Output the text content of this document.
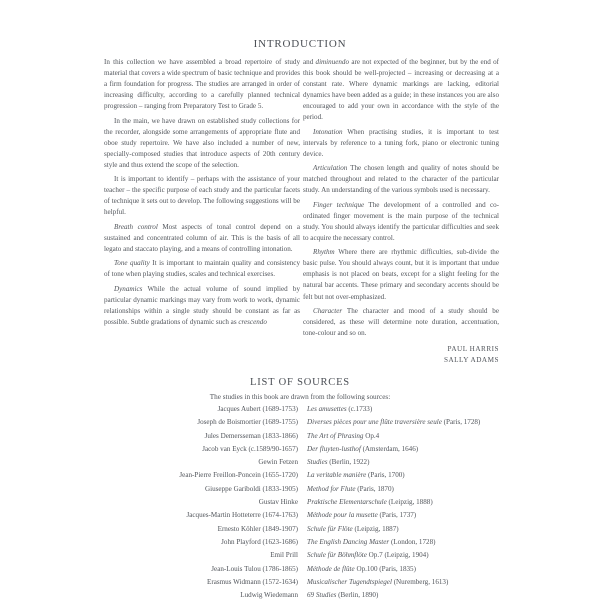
INTRODUCTION

In this collection we have assembled a broad repertoire of study material that covers a wide spectrum of basic technique and provides a firm foundation for progress. The studies are arranged in order of increasing difficulty, according to a carefully planned technical progression – ranging from Preparatory Test to Grade 5.

In the main, we have drawn on established study collections for the recorder, alongside some arrangements of appropriate flute and oboe study repertoire. We have also included a number of new, specially-composed studies that introduce aspects of 20th century style and thus extend the scope of the selection.

It is important to identify – perhaps with the assistance of your teacher – the specific purpose of each study and the particular facets of technique it sets out to develop. The following suggestions will be helpful.

Breath control Most aspects of tonal control depend on a sustained and concentrated column of air. This is the basis of all legato and staccato playing, and a means of controlling intonation.

Tone quality It is important to maintain quality and consistency of tone when playing studies, scales and technical exercises.

Dynamics While the actual volume of sound implied by particular dynamic markings may vary from work to work, dynamic relationships within a single study should be constant as far as possible. Subtle gradations of dynamic such as crescendo

and diminuendo are not expected of the beginner, but by the end of this book should be well-projected – increasing or decreasing at a constant rate. Where dynamic markings are lacking, editorial dynamics have been added as a guide; in these instances you are also encouraged to add your own in accordance with the style of the period.

Intonation When practising studies, it is important to test intervals by reference to a tuning fork, piano or electronic tuning device.

Articulation The chosen length and quality of notes should be matched throughout and related to the character of the particular study. An understanding of the various symbols used is necessary.

Finger technique The development of a controlled and co-ordinated finger movement is the main purpose of the technical study. You should always identify the particular difficulties and seek to acquire the necessary control.

Rhythm Where there are rhythmic difficulties, sub-divide the basic pulse. You should always count, but it is important that undue emphasis is not placed on beats, except for a slight feeling for the natural bar accents. These primary and secondary accents should be felt but not over-emphasized.

Character The character and mood of a study should be considered, as these will determine note duration, accentuation, tone-colour and so on.

PAUL HARRIS
SALLY ADAMS
LIST OF SOURCES
The studies in this book are drawn from the following sources:
Jacques Aubert (1689-1753) Les amusettes (c.1733)
Joseph de Boismortier (1689-1755) Diverses pièces pour une flûte traversière seule (Paris, 1728)
Jules Demersseman (1833-1866) The Art of Phrasing Op.4
Jacob van Eyck (c.1589/90-1657) Der fluyten-lusthof (Amsterdam, 1646)
Gewin Fetzen Studies (Berlin, 1922)
Jean-Pierre Freillon-Poncein (1655-1720) La veritable manière (Paris, 1700)
Giuseppe Gariboldi (1833-1905) Method for Flute (Paris, 1870)
Gustav Hinke Praktische Elementarschule (Leipzig, 1888)
Jacques-Martin Hotteterre (1674-1763) Méthode pour la musette (Paris, 1737)
Ernesto Köhler (1849-1907) Schule für Flöte (Leipzig, 1887)
John Playford (1623-1686) The English Dancing Master (London, 1728)
Emil Prill Schule für Böhmflöte Op.7 (Leipzig, 1904)
Jean-Louis Tulou (1786-1865) Méthode de flûte Op.100 (Paris, 1835)
Erasmus Widmann (1572-1634) Musicalischer Tugendtspiegel (Nuremberg, 1613)
Ludwig Wiedemann 69 Studies (Berlin, 1890)
